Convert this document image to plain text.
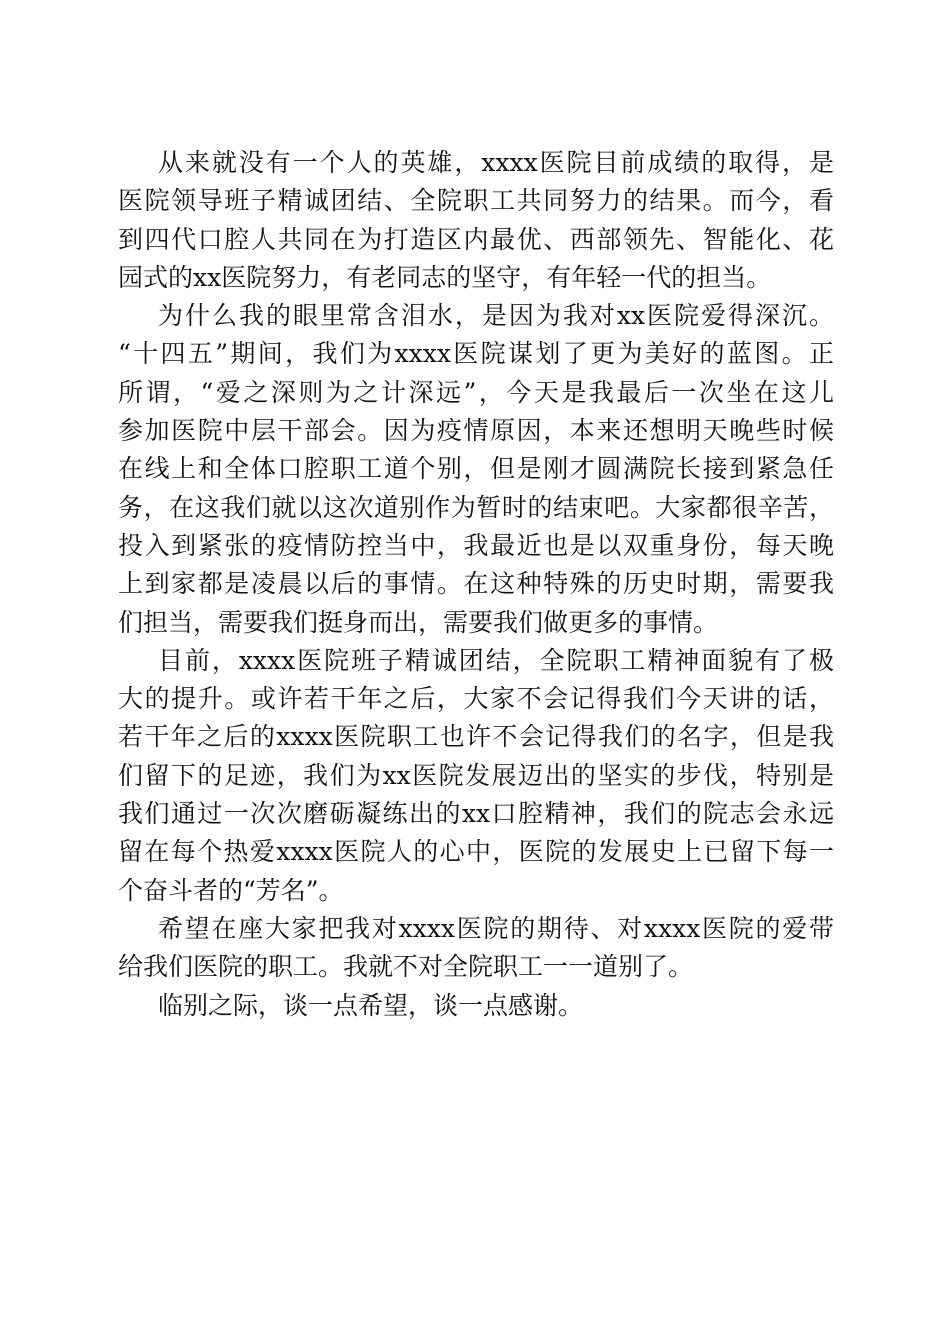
从来就没有一个人的英雄，xxxx医院目前成绩的取得，是
医院领导班子精诚团结、全院职工共同努力的结果。而今，看
到四代口腔人共同在为打造区内最优、西部领先、智能化、花
园式的xx医院努力，有老同志的坚守，有年轻一代的担当。
为什么我的眼里常含泪水，是因为我对xx医院爱得深沉。
“十四五”期间，我们为xxxx医院谋划了更为美好的蓝图。正
所谓，“爱之深则为之计深远”，今天是我最后一次坐在这儿
参加医院中层干部会。因为疫情原因，本来还想明天晚些时候
在线上和全体口腔职工道个别，但是刚才圆满院长接到紧急任
务，在这我们就以这次道别作为暂时的结束吧。大家都很辛苦，
投入到紧张的疫情防控当中，我最近也是以双重身份，每天晚
上到家都是凌晨以后的事情。在这种特殊的历史时期，需要我
们担当，需要我们挺身而出，需要我们做更多的事情。
目前，xxxx医院班子精诚团结，全院职工精神面貌有了极
大的提升。或许若干年之后，大家不会记得我们今天讲的话，
若干年之后的xxxx医院职工也许不会记得我们的名字，但是我
们留下的足迹，我们为xx医院发展迈出的坚实的步伐，特别是
我们通过一次次磨砺凝练出的xx口腔精神，我们的院志会永远
留在每个热爱xxxx医院人的心中，医院的发展史上已留下每一
个奋斗者的“芳名”。
希望在座大家把我对xxxx医院的期待、对xxxx医院的爱带
给我们医院的职工。我就不对全院职工一一道别了。
临别之际，谈一点希望，谈一点感谢。
